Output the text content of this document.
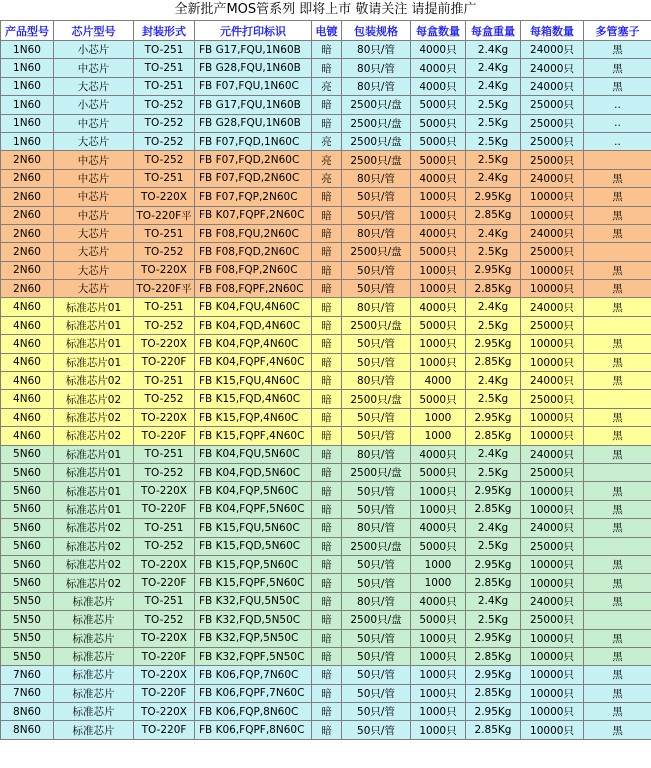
全新批产MOS管系列 即将上市 敬请关注 请提前推广
产品型号	芯片型号	封装形式	元件打印标识	电镀	包装规格	每盒数量	每盒重量	每箱数量	多管塞子
1N60	小芯片	TO-251	FB G17,FQU,1N60B	暗	80只/管	4000只	2.4Kg	24000只	黑
1N60	中芯片	TO-251	FB G28,FQU,1N60B	暗	80只/管	4000只	2.4Kg	24000只	黑
1N60	大芯片	TO-251	FB F07,FQU,1N60C	亮	80只/管	4000只	2.4Kg	24000只	黑
1N60	小芯片	TO-252	FB G17,FQU,1N60B	暗	2500只/盘	5000只	2.5Kg	25000只	..
1N60	中芯片	TO-252	FB G28,FQU,1N60B	暗	2500只/盘	5000只	2.5Kg	25000只	..
1N60	大芯片	TO-252	FB F07,FQD,1N60C	亮	2500只/盘	5000只	2.5Kg	25000只	..
2N60	中芯片	TO-252	FB F07,FQD,2N60C	亮	2500只/盘	5000只	2.5Kg	25000只	
2N60	中芯片	TO-251	FB F07,FQD,2N60C	亮	80只/管	4000只	2.4Kg	24000只	黑
2N60	中芯片	TO-220X	FB F07,FQP,2N60C	暗	50只/管	1000只	2.95Kg	10000只	黑
2N60	中芯片	TO-220F平	FB K07,FQPF,2N60C	暗	50只/管	1000只	2.85Kg	10000只	黑
2N60	大芯片	TO-251	FB F08,FQU,2N60C	暗	80只/管	4000只	2.4Kg	24000只	黑
2N60	大芯片	TO-252	FB F08,FQD,2N60C	暗	2500只/盘	5000只	2.5Kg	25000只	
2N60	大芯片	TO-220X	FB F08,FQP,2N60C	暗	50只/管	1000只	2.95Kg	10000只	黑
2N60	大芯片	TO-220F平	FB F08,FQPF,2N60C	暗	50只/管	1000只	2.85Kg	10000只	黑
4N60	标准芯片01	TO-251	FB K04,FQU,4N60C	暗	80只/管	4000只	2.4Kg	24000只	黑
4N60	标准芯片01	TO-252	FB K04,FQD,4N60C	暗	2500只/盘	5000只	2.5Kg	25000只	
4N60	标准芯片01	TO-220X	FB K04,FQP,4N60C	暗	50只/管	1000只	2.95Kg	10000只	黑
4N60	标准芯片01	TO-220F	FB K04,FQPF,4N60C	暗	50只/管	1000只	2.85Kg	10000只	黑
4N60	标准芯片02	TO-251	FB K15,FQU,4N60C	暗	80只/管	4000	2.4Kg	24000只	黑
4N60	标准芯片02	TO-252	FB K15,FQD,4N60C	暗	2500只/盘	5000只	2.5Kg	25000只	
4N60	标准芯片02	TO-220X	FB K15,FQP,4N60C	暗	50只/管	1000	2.95Kg	10000只	黑
4N60	标准芯片02	TO-220F	FB K15,FQPF,4N60C	暗	50只/管	1000	2.85Kg	10000只	黑
5N60	标准芯片01	TO-251	FB K04,FQU,5N60C	暗	80只/管	4000只	2.4Kg	24000只	黑
5N60	标准芯片01	TO-252	FB K04,FQD,5N60C	暗	2500只/盘	5000只	2.5Kg	25000只	
5N60	标准芯片01	TO-220X	FB K04,FQP,5N60C	暗	50只/管	1000只	2.95Kg	10000只	黑
5N60	标准芯片01	TO-220F	FB K04,FQPF,5N60C	暗	50只/管	1000只	2.85Kg	10000只	黑
5N60	标准芯片02	TO-251	FB K15,FQU,5N60C	暗	80只/管	4000只	2.4Kg	24000只	黑
5N60	标准芯片02	TO-252	FB K15,FQD,5N60C	暗	2500只/盘	5000只	2.5Kg	25000只	
5N60	标准芯片02	TO-220X	FB K15,FQP,5N60C	暗	50只/管	1000	2.95Kg	10000只	黑
5N60	标准芯片02	TO-220F	FB K15,FQPF,5N60C	暗	50只/管	1000	2.85Kg	10000只	黑
5N50	标准芯片	TO-251	FB K32,FQU,5N50C	暗	80只/管	4000只	2.4Kg	24000只	黑
5N50	标准芯片	TO-252	FB K32,FQD,5N50C	暗	2500只/盘	5000只	2.5Kg	25000只	
5N50	标准芯片	TO-220X	FB K32,FQP,5N50C	暗	50只/管	1000只	2.95Kg	10000只	黑
5N50	标准芯片	TO-220F	FB K32,FQPF,5N50C	暗	50只/管	1000只	2.85Kg	10000只	黑
7N60	标准芯片	TO-220X	FB K06,FQP,7N60C	暗	50只/管	1000只	2.95Kg	10000只	黑
7N60	标准芯片	TO-220F	FB K06,FQPF,7N60C	暗	50只/管	1000只	2.85Kg	10000只	黑
8N60	标准芯片	TO-220X	FB K06,FQP,8N60C	暗	50只/管	1000只	2.95Kg	10000只	黑
8N60	标准芯片	TO-220F	FB K06,FQPF,8N60C	暗	50只/管	1000只	2.85Kg	10000只	黑
